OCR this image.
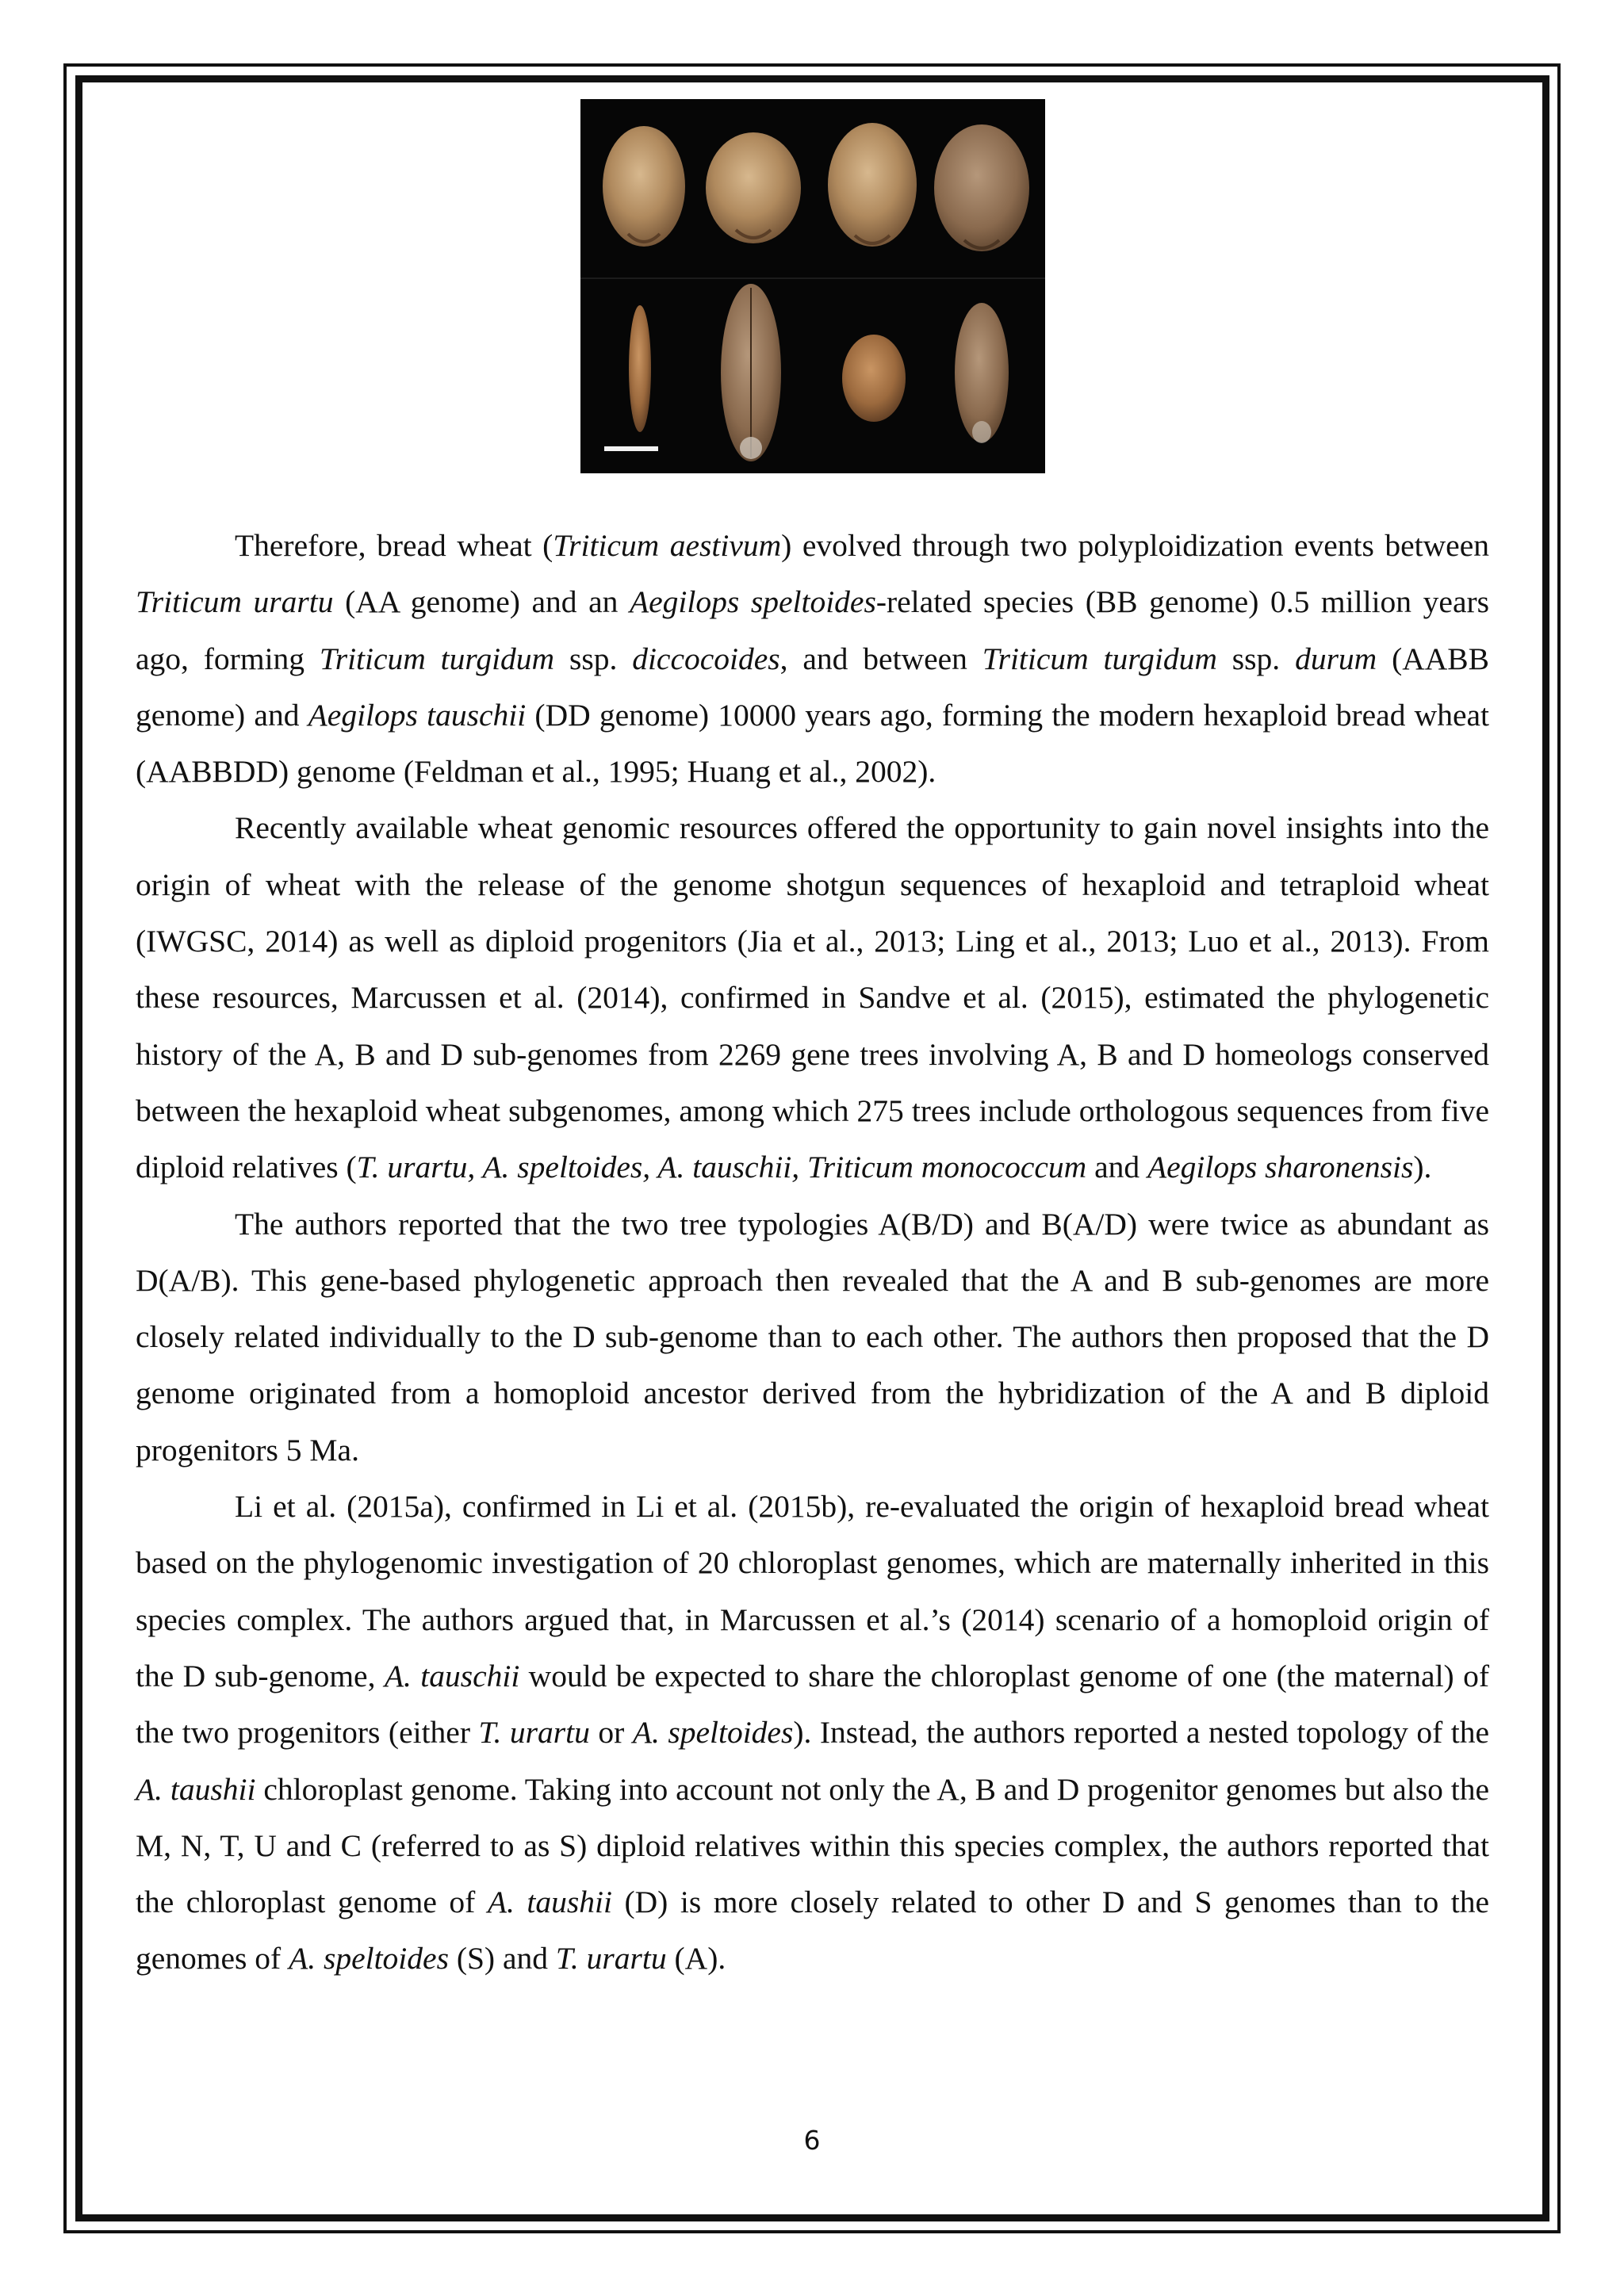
Therefore, bread wheat (Triticum aestivum) evolved through two polyploidization events between Triticum urartu (AA genome) and an Aegilops speltoides-related species (BB genome) 0.5 million years ago, forming Triticum turgidum ssp. diccocoides, and between Triticum turgidum ssp. durum (AABB genome) and Aegilops tauschii (DD genome) 10000 years ago, forming the modern hexaploid bread wheat (AABBDD) genome (Feldman et al., 1995; Huang et al., 2002).

Recently available wheat genomic resources offered the opportunity to gain novel insights into the origin of wheat with the release of the genome shotgun sequences of hexaploid and tetraploid wheat (IWGSC, 2014) as well as diploid progenitors (Jia et al., 2013; Ling et al., 2013; Luo et al., 2013). From these resources, Marcussen et al. (2014), confirmed in Sandve et al. (2015), estimated the phylogenetic history of the A, B and D sub-genomes from 2269 gene trees involving A, B and D homeologs conserved between the hexaploid wheat subgenomes, among which 275 trees include orthologous sequences from five diploid relatives (T. urartu, A. speltoides, A. tauschii, Triticum monococcum and Aegilops sharonensis).

The authors reported that the two tree typologies A(B/D) and B(A/D) were twice as abundant as D(A/B). This gene-based phylogenetic approach then revealed that the A and B sub-genomes are more closely related individually to the D sub-genome than to each other. The authors then proposed that the D genome originated from a homoploid ancestor derived from the hybridization of the A and B diploid progenitors 5 Ma.

Li et al. (2015a), confirmed in Li et al. (2015b), re-evaluated the origin of hexaploid bread wheat based on the phylogenomic investigation of 20 chloroplast genomes, which are maternally inherited in this species complex. The authors argued that, in Marcussen et al.’s (2014) scenario of a homoploid origin of the D sub-genome, A. tauschii would be expected to share the chloroplast genome of one (the maternal) of the two progenitors (either T. urartu or A. speltoides). Instead, the authors reported a nested topology of the A. taushii chloroplast genome. Taking into account not only the A, B and D progenitor genomes but also the M, N, T, U and C (referred to as S) diploid relatives within this species complex, the authors reported that the chloroplast genome of A. taushii (D) is more closely related to other D and S genomes than to the genomes of A. speltoides (S) and T. urartu (A).

6
